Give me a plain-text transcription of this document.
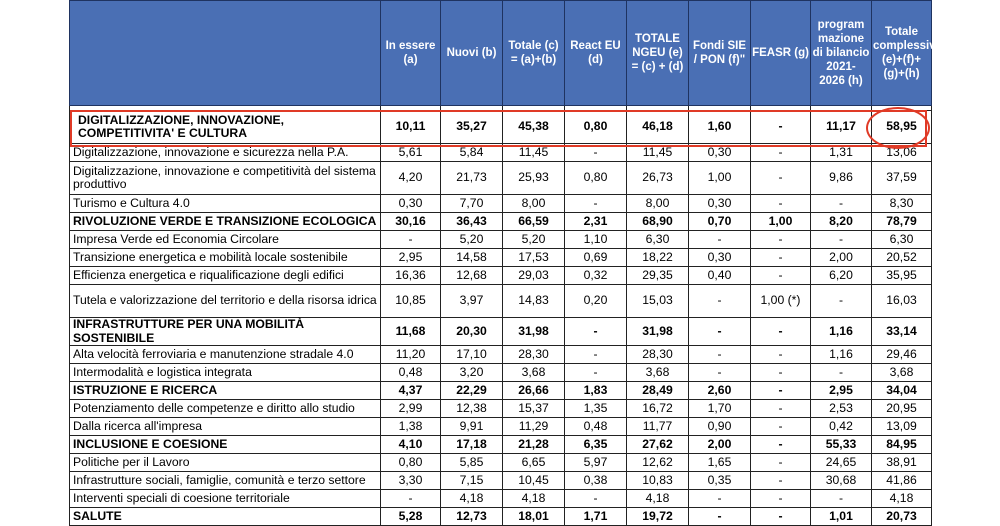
	In essere (a)	Nuovi (b)	Totale (c) = (a)+(b)	React EU (d)	TOTALE NGEU (e) = (c) + (d)	Fondi SIE / PON (f)"	FEASR (g)	program mazione di bilancio 2021- 2026 (h)	Totale complessivo (e)+(f)+(g)+(h)

DIGITALIZZAZIONE, INNOVAZIONE, COMPETITIVITA' E CULTURA	10,11	35,27	45,38	0,80	46,18	1,60	-	11,17	58,95
Digitalizzazione, innovazione e sicurezza nella P.A.	5,61	5,84	11,45	-	11,45	0,30	-	1,31	13,06
Digitalizzazione, innovazione e competitività del sistema produttivo	4,20	21,73	25,93	0,80	26,73	1,00	-	9,86	37,59
Turismo e Cultura 4.0	0,30	7,70	8,00	-	8,00	0,30	-	-	8,30
RIVOLUZIONE VERDE E TRANSIZIONE ECOLOGICA	30,16	36,43	66,59	2,31	68,90	0,70	1,00	8,20	78,79
Impresa Verde ed Economia Circolare	-	5,20	5,20	1,10	6,30	-	-	-	6,30
Transizione energetica e mobilità locale sostenibile	2,95	14,58	17,53	0,69	18,22	0,30	-	2,00	20,52
Efficienza energetica e riqualificazione degli edifici	16,36	12,68	29,03	0,32	29,35	0,40	-	6,20	35,95
Tutela e valorizzazione del territorio e della risorsa idrica	10,85	3,97	14,83	0,20	15,03	-	1,00 (*)	-	16,03
INFRASTRUTTURE PER UNA MOBILITÀ SOSTENIBILE	11,68	20,30	31,98	-	31,98	-	-	1,16	33,14
Alta velocità ferroviaria e manutenzione stradale 4.0	11,20	17,10	28,30	-	28,30	-	-	1,16	29,46
Intermodalità e logistica integrata	0,48	3,20	3,68	-	3,68	-	-	-	3,68
ISTRUZIONE E RICERCA	4,37	22,29	26,66	1,83	28,49	2,60	-	2,95	34,04
Potenziamento delle competenze e diritto allo studio	2,99	12,38	15,37	1,35	16,72	1,70	-	2,53	20,95
Dalla ricerca all'impresa	1,38	9,91	11,29	0,48	11,77	0,90	-	0,42	13,09
INCLUSIONE E COESIONE	4,10	17,18	21,28	6,35	27,62	2,00	-	55,33	84,95
Politiche per il Lavoro	0,80	5,85	6,65	5,97	12,62	1,65	-	24,65	38,91
Infrastrutture sociali, famiglie, comunità e terzo settore	3,30	7,15	10,45	0,38	10,83	0,35	-	30,68	41,86
Interventi speciali di coesione territoriale	-	4,18	4,18	-	4,18	-	-	-	4,18
SALUTE	5,28	12,73	18,01	1,71	19,72	-	-	1,01	20,73
